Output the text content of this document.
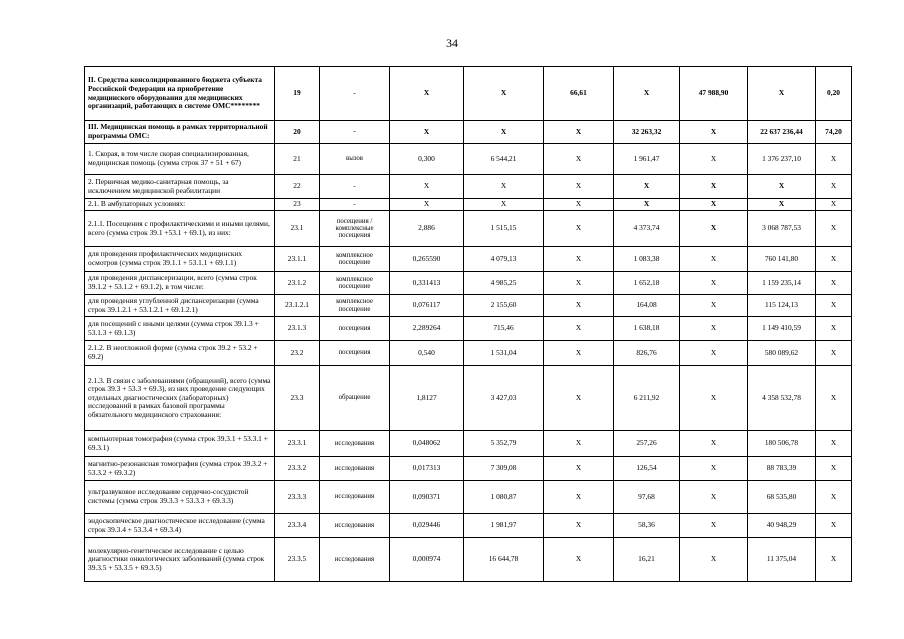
34
II. Средства консолидированного бюджета субъекта Российской Федерации на приобретение медицинского оборудования для медицинских организаций, работающих в системе ОМС********	19	-	X	X	66,61	X	47 988,90	X	0,20
III. Медицинская помощь в рамках территориальной программы ОМС:	20	-	X	X	X	32 263,32	X	22 637 236,44	74,20
1. Скорая, в том числе скорая специализированная, медицинская помощь (сумма строк 37 + 51 + 67)	21	вызов	0,300	6 544,21	X	1 961,47	X	1 376 237,10	X
2. Первичная медико-санитарная помощь, за исключением медицинской реабилитации	22	-	X	X	X	X	X	X	X
2.1. В амбулаторных условиях:	23	-	X	X	X	X	X	X	X
2.1.1. Посещения с профилактическими и иными целями, всего (сумма строк 39.1 +53.1 + 69.1), из них:	23.1	посещения / комплексные посещения	2,886	1 515,15	X	4 373,74	X	3 068 787,53	X
для проведения профилактических медицинских осмотров (сумма строк 39.1.1 + 53.1.1 + 69.1.1)	23.1.1	комплексное посещение	0,265590	4 079,13	X	1 083,38	X	760 141,80	X
для проведения диспансеризации, всего (сумма строк 39.1.2 + 53.1.2 + 69.1.2), в том числе:	23.1.2	комплексное посещение	0,331413	4 985,25	X	1 652,18	X	1 159 235,14	X
для проведения углубленной диспансеризации (сумма строк 39.1.2.1 + 53.1.2.1 + 69.1.2.1)	23.1.2.1	комплексное посещение	0,076117	2 155,60	X	164,08	X	115 124,13	X
для посещений с иными целями (сумма строк 39.1.3 + 53.1.3 + 69.1.3)	23.1.3	посещения	2,289264	715,46	X	1 638,18	X	1 149 410,59	X
2.1.2. В неотложной форме (сумма строк 39.2 + 53.2 + 69.2)	23.2	посещения	0,540	1 531,04	X	826,76	X	580 089,62	X
2.1.3. В связи с заболеваниями (обращений), всего (сумма строк 39.3 + 53.3 + 69.3), из них проведение следующих отдельных диагностических (лабораторных) исследований в рамках базовой программы обязательного медицинского страхования:	23.3	обращение	1,8127	3 427,03	X	6 211,92	X	4 358 532,78	X
компьютерная томография (сумма строк 39.3.1 + 53.3.1 + 69.3.1)	23.3.1	исследования	0,048062	5 352,79	X	257,26	X	180 506,78	X
магнитно-резонансная томография (сумма строк 39.3.2 + 53.3.2 + 69.3.2)	23.3.2	исследования	0,017313	7 309,08	X	126,54	X	88 783,39	X
ультразвуковое исследование сердечно-сосудистой системы (сумма строк 39.3.3 + 53.3.3 + 69.3.3)	23.3.3	исследования	0,090371	1 080,87	X	97,68	X	68 535,80	X
эндоскопическое диагностическое исследование (сумма строк 39.3.4 + 53.3.4 + 69.3.4)	23.3.4	исследования	0,029446	1 981,97	X	58,36	X	40 948,29	X
молекулярно-генетическое исследование с целью диагностики онкологических заболеваний (сумма строк 39.3.5 + 53.3.5 + 69.3.5)	23.3.5	исследования	0,000974	16 644,78	X	16,21	X	11 375,04	X
